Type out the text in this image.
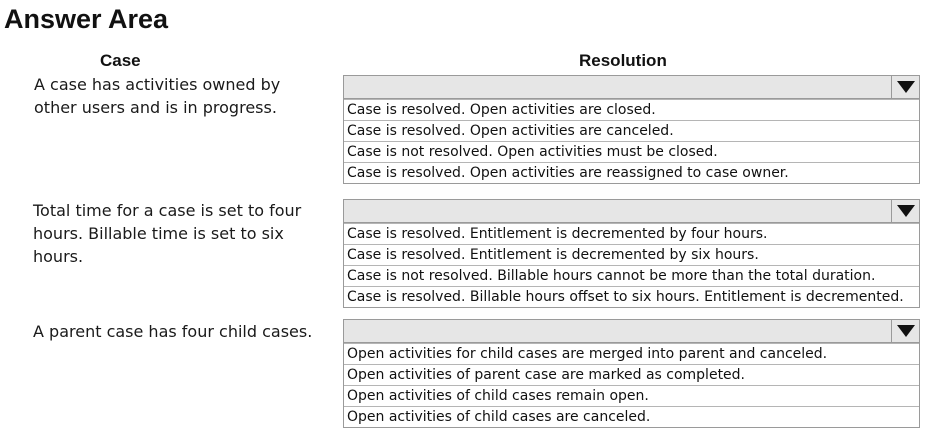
Answer Area
Case	Resolution
A case has activities owned by other users and is in progress.	Case is resolved. Open activities are closed.
Case is resolved. Open activities are canceled.
Case is not resolved. Open activities must be closed.
Case is resolved. Open activities are reassigned to case owner.
Total time for a case is set to four hours. Billable time is set to six hours.
Case is resolved. Entitlement is decremented by four hours.
Case is resolved. Entitlement is decremented by six hours.
Case is not resolved. Billable hours cannot be more than the total duration.
Case is resolved. Billable hours offset to six hours. Entitlement is decremented.
A parent case has four child cases.
Open activities for child cases are merged into parent and canceled.
Open activities of parent case are marked as completed.
Open activities of child cases remain open.
Open activities of child cases are canceled.
